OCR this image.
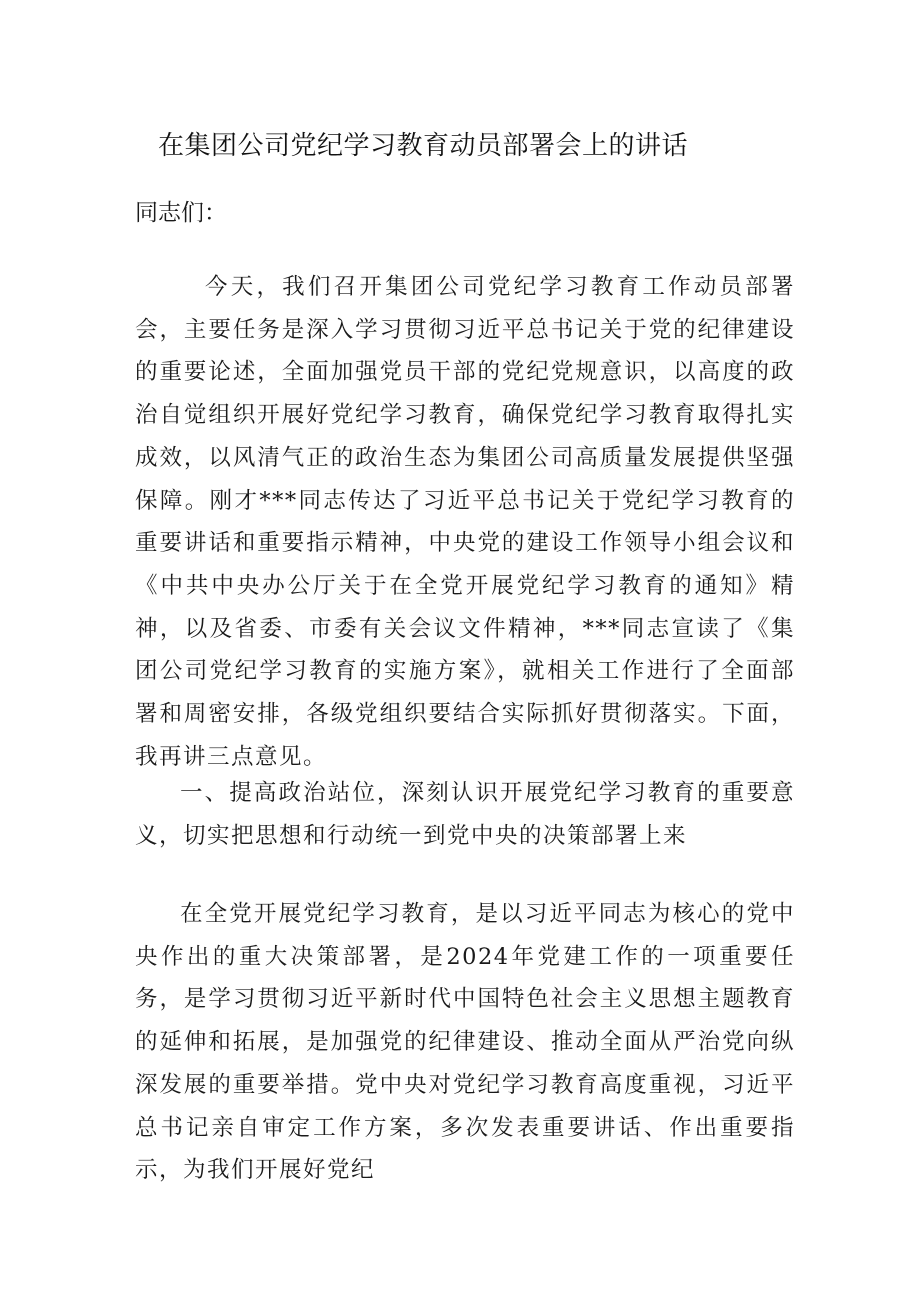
在集团公司党纪学习教育动员部署会上的讲话

同志们：

今天，我们召开集团公司党纪学习教育工作动员部署会，主要任务是深入学习贯彻习近平总书记关于党的纪律建设的重要论述，全面加强党员干部的党纪党规意识，以高度的政治自觉组织开展好党纪学习教育，确保党纪学习教育取得扎实成效，以风清气正的政治生态为集团公司高质量发展提供坚强保障。刚才***同志传达了习近平总书记关于党纪学习教育的重要讲话和重要指示精神，中央党的建设工作领导小组会议和《中共中央办公厅关于在全党开展党纪学习教育的通知》精神，以及省委、市委有关会议文件精神，***同志宣读了《集团公司党纪学习教育的实施方案》，就相关工作进行了全面部署和周密安排，各级党组织要结合实际抓好贯彻落实。下面，我再讲三点意见。

一、提高政治站位，深刻认识开展党纪学习教育的重要意义，切实把思想和行动统一到党中央的决策部署上来

在全党开展党纪学习教育，是以习近平同志为核心的党中央作出的重大决策部署，是2024年党建工作的一项重要任务，是学习贯彻习近平新时代中国特色社会主义思想主题教育的延伸和拓展，是加强党的纪律建设、推动全面从严治党向纵深发展的重要举措。党中央对党纪学习教育高度重视，习近平总书记亲自审定工作方案，多次发表重要讲话、作出重要指示，为我们开展好党纪
